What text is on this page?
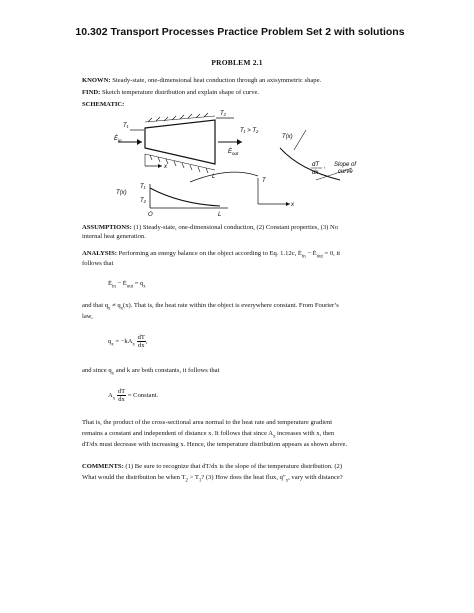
10.302 Transport Processes Practice Problem Set 2 with solutions
PROBLEM 2.1
KNOWN: Steady-state, one-dimensional heat conduction through an axisymmetric shape.
FIND: Sketch temperature distribution and explain shape of curve.
SCHEMATIC:
T₁
T₂
$Ė_{in}$
$Ė_{out}$
x
L
T₁ > T₂
T(x)
dT
dx
, Slope of
curve
T
x
T₁
T₂
T(x)
O	L
ASSUMPTIONS: (1) Steady-state, one-dimensional conduction, (2) Constant properties, (3) No
internal heat generation.
ANALYSIS: Performing an energy balance on the object according to Eq. 1.12c, $Ė_{in}$ − $Ė_{out} = 0$, it
follows that
$Ė_{in}$ − $Ė_{out} = q_x$
and that $q_x \ne q_x(x)$. That is, the heat rate within the object is everywhere constant. From Fourier’s
law,
$q_x = -kA_x \frac{dT}{dx}$ ,
and since $q_x$ and k are both constants, it follows that
$A_x \frac{dT}{dx}$ = Constant.
That is, the product of the cross-sectional area normal to the heat rate and temperature gradient
remains a constant and independent of distance x. It follows that since $A_x$ increases with x, then
dT/dx must decrease with increasing x. Hence, the temperature distribution appears as shown above.
COMMENTS: (1) Be sure to recognize that dT/dx is the slope of the temperature distribution. (2)
What would the distribution be when $T_2 > T_1$? (3) How does the heat flux, $q''_x$, vary with distance?
